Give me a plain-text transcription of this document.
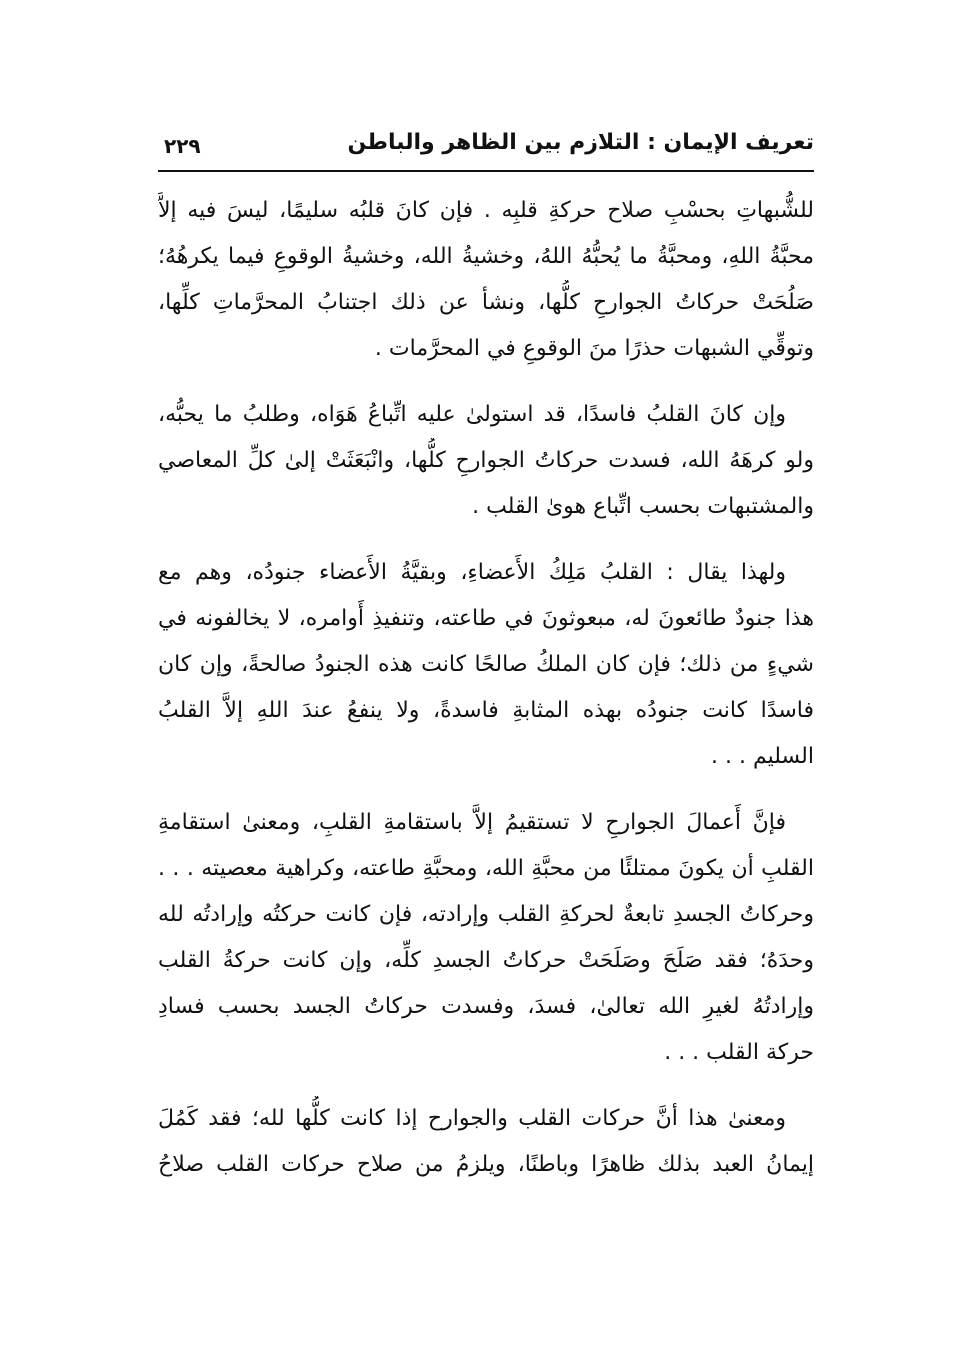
تعريف الإيمان : التلازم بين الظاهر والباطن
٢٢٩
للشُّبهاتِ بحسْبِ صلاح حركةِ قلبِه . فإن كانَ قلبُه سليمًا، ليسَ فيه إلاَّ
محبَّةُ اللهِ، ومحبَّةُ ما يُحبُّهُ اللهُ، وخشيةُ الله، وخشيةُ الوقوعِ فيما يكرهُهُ؛
صَلُحَتْ حركاتُ الجوارحِ كلُّها، ونشأ عن ذلك اجتنابُ المحرَّماتِ كلِّها،
وتوقِّي الشبهات حذرًا منَ الوقوعِ في المحرَّمات .
وإن كانَ القلبُ فاسدًا، قد استولىٰ عليه اتِّباعُ هَوَاه، وطلبُ ما يحبُّه،
ولو كرهَهُ الله، فسدت حركاتُ الجوارحِ كلُّها، وانْبَعَثَتْ إلىٰ كلِّ المعاصي
والمشتبهات بحسب اتِّباع هوىٰ القلب .
ولهذا يقال : القلبُ مَلِكُ الأَعضاءِ، وبقيَّةُ الأَعضاء جنودُه، وهم مع
هذا جنودٌ طائعونَ له، مبعوثونَ في طاعته، وتنفيذِ أَوامره، لا يخالفونه في
شيءٍ من ذلك؛ فإن كان الملكُ صالحًا كانت هذه الجنودُ صالحةً، وإن كان
فاسدًا كانت جنودُه بهذه المثابةِ فاسدةً، ولا ينفعُ عندَ اللهِ إلاَّ القلبُ
السليم . . .
فإنَّ أَعمالَ الجوارحِ لا تستقيمُ إلاَّ باستقامةِ القلبِ، ومعنىٰ استقامةِ
القلبِ أن يكونَ ممتلئًا من محبَّةِ الله، ومحبَّةِ طاعته، وكراهية معصيته . . .
وحركاتُ الجسدِ تابعةٌ لحركةِ القلب وإرادته، فإن كانت حركتُه وإرادتُه لله
وحدَهُ؛ فقد صَلَحَ وصَلَحَتْ حركاتُ الجسدِ كلِّه، وإن كانت حركةُ القلب
وإرادتُهُ لغيرِ الله تعالىٰ، فسدَ، وفسدت حركاتُ الجسد بحسب فسادِ
حركة القلب . . .
ومعنىٰ هذا أنَّ حركات القلب والجوارح إذا كانت كلُّها لله؛ فقد كَمُلَ
إيمانُ العبد بذلك ظاهرًا وباطنًا، ويلزمُ من صلاح حركات القلب صلاحُ
